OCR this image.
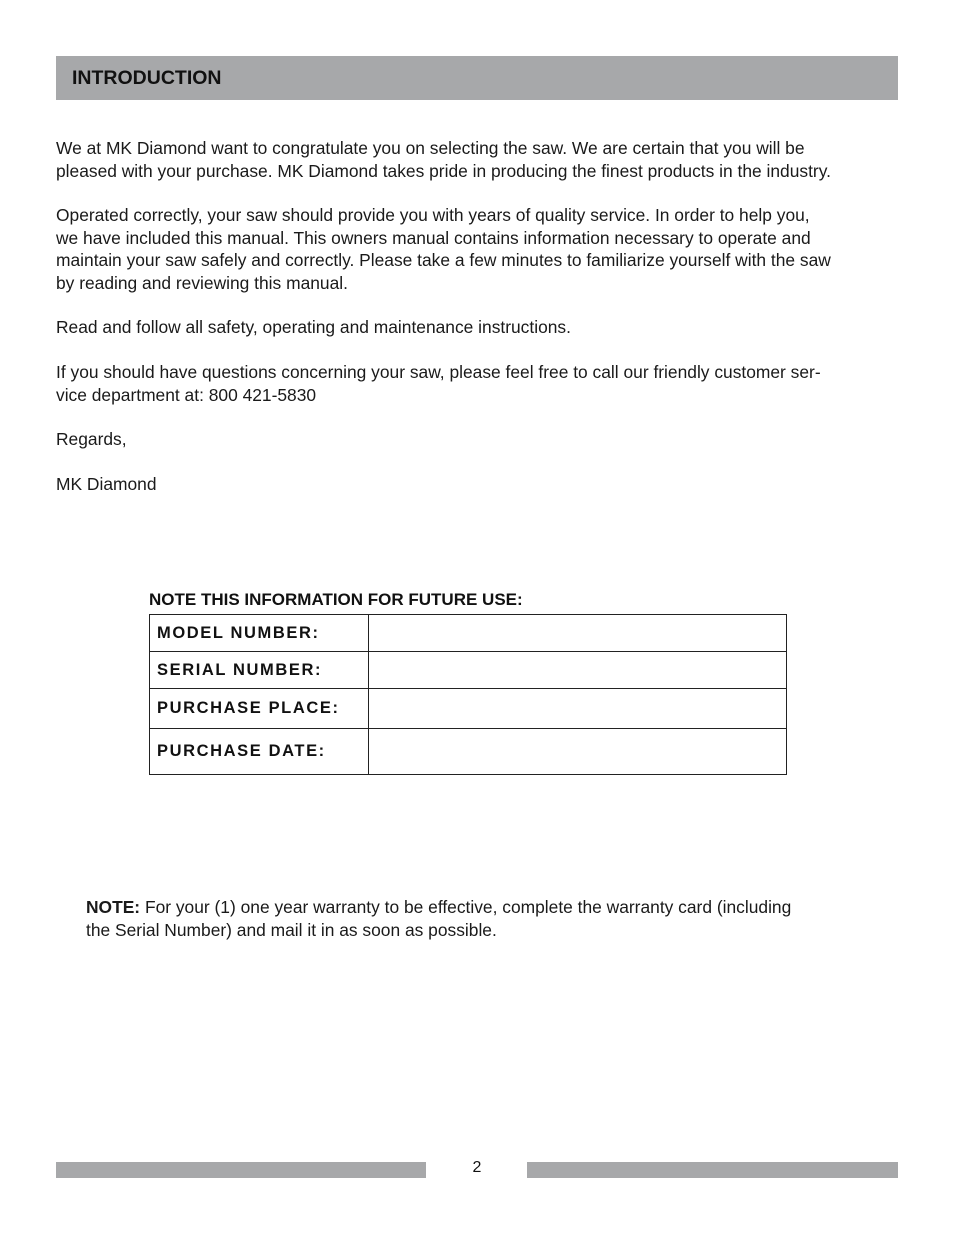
INTRODUCTION

We at MK Diamond want to congratulate you on selecting the saw. We are certain that you will be
pleased with your purchase. MK Diamond takes pride in producing the finest products in the industry.

Operated correctly, your saw should provide you with years of quality service. In order to help you,
we have included this manual. This owners manual contains information necessary to operate and
maintain your saw safely and correctly. Please take a few minutes to familiarize yourself with the saw
by reading and reviewing this manual.

Read and follow all safety, operating and maintenance instructions.

If you should have questions concerning your saw, please feel free to call our friendly customer ser-
vice department at: 800 421-5830

Regards,

MK Diamond

NOTE THIS INFORMATION FOR FUTURE USE:
MODEL NUMBER:	
SERIAL NUMBER:	
PURCHASE PLACE:	
PURCHASE DATE:	

NOTE: For your (1) one year warranty to be effective, complete the warranty card (including
the Serial Number) and mail it in as soon as possible.

2
